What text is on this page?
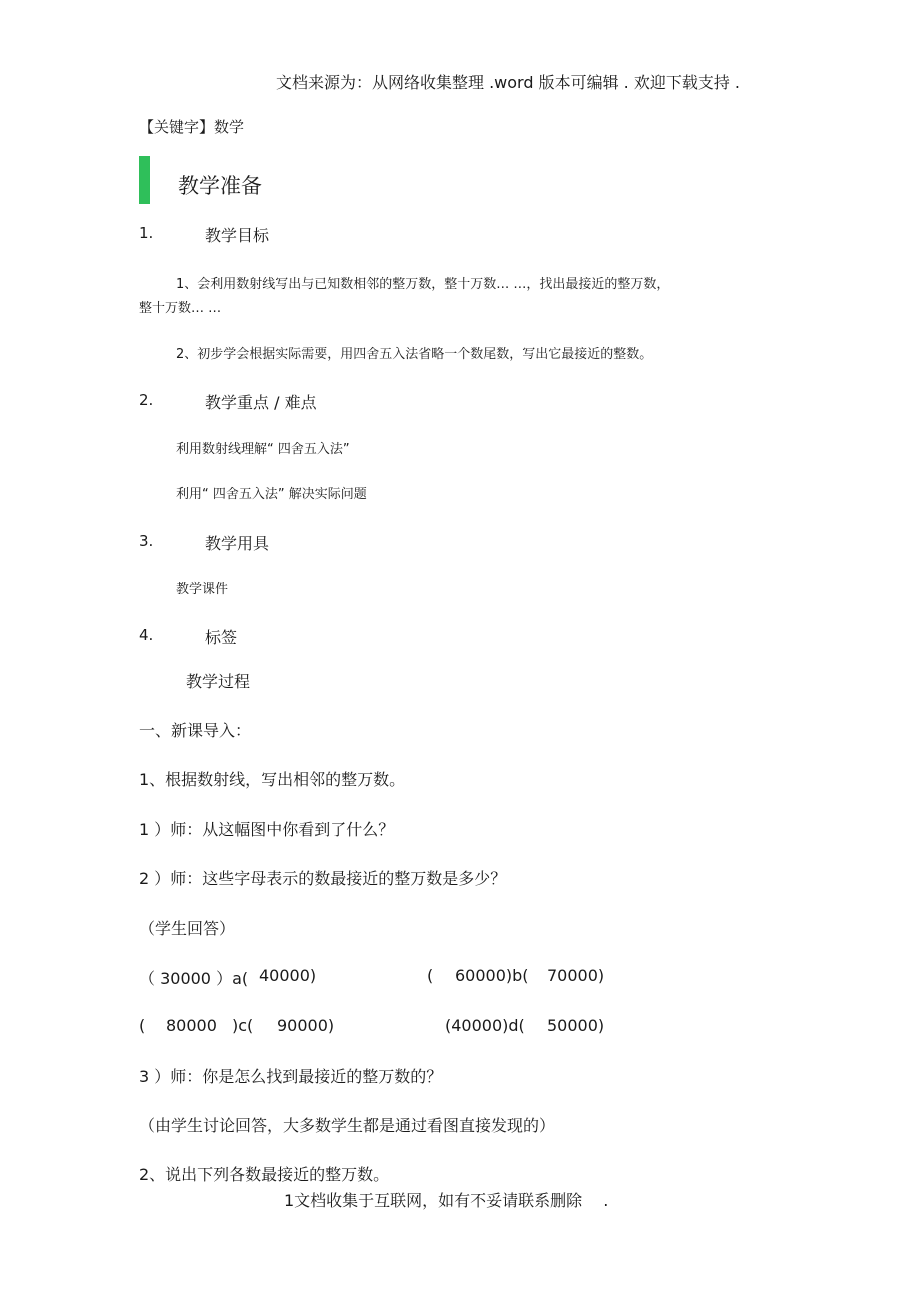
文档来源为：从网络收集整理 .word 版本可编辑 . 欢迎下载支持 .
【关键字】数学
教学准备
1.	教学目标
1、会利用数射线写出与已知数相邻的整万数，整十万数… …，找出最接近的整万数，
整十万数… …
2、初步学会根据实际需要，用四舍五入法省略一个数尾数，写出它最接近的整数。
2.	教学重点 / 难点
利用数射线理解“ 四舍五入法”
利用“ 四舍五入法” 解决实际问题
3.	教学用具
教学课件
4.	标签
教学过程
一、新课导入：
1、根据数射线，写出相邻的整万数。
1 ）师：从这幅图中你看到了什么？
2 ）师：这些字母表示的数最接近的整万数是多少？
（学生回答）
（ 30000 ）a( 40000)	( 60000)b( 70000)
( 80000 )c( 90000)	(40000)d( 50000)
3 ）师：你是怎么找到最接近的整万数的？
（由学生讨论回答，大多数学生都是通过看图直接发现的）
2、说出下列各数最接近的整万数。
1文档收集于互联网，如有不妥请联系删除　 .
